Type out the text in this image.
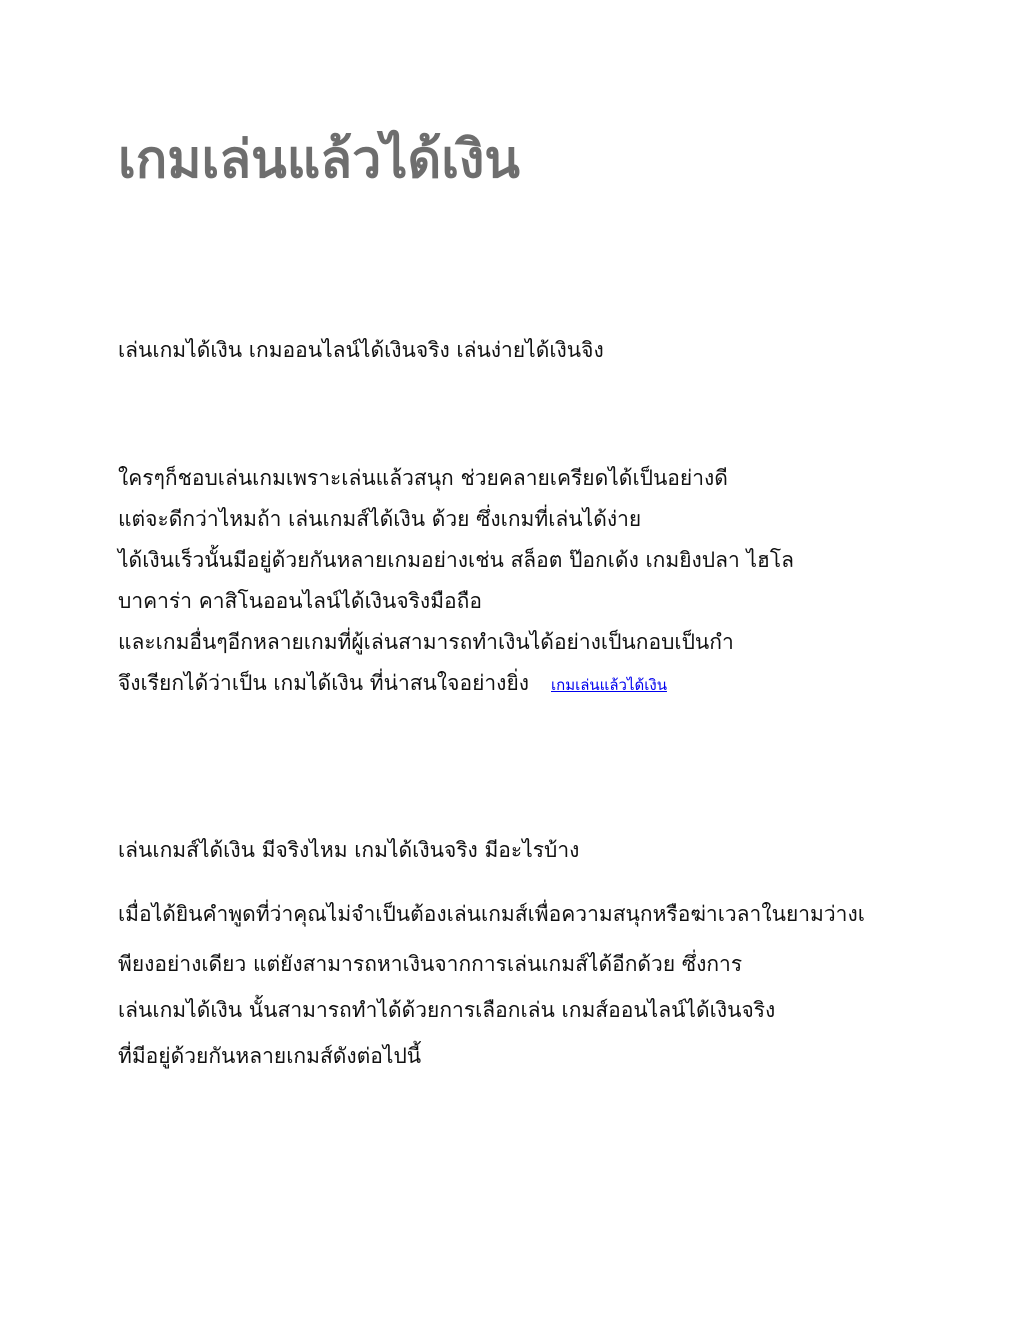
เกมเล่นแล้วได้เงิน

เล่นเกมได้เงิน เกมออนไลน์ได้เงินจริง เล่นง่ายได้เงินจิง

ใครๆก็ชอบเล่นเกมเพราะเล่นแล้วสนุก ช่วยคลายเครียดได้เป็นอย่างดี
แต่จะดีกว่าไหมถ้า เล่นเกมส์ได้เงิน ด้วย ซึ่งเกมที่เล่นได้ง่าย
ได้เงินเร็วนั้นมีอยู่ด้วยกันหลายเกมอย่างเช่น สล็อต ป๊อกเด้ง เกมยิงปลา ไฮโล
บาคาร่า คาสิโนออนไลน์ได้เงินจริงมือถือ
และเกมอื่นๆอีกหลายเกมที่ผู้เล่นสามารถทำเงินได้อย่างเป็นกอบเป็นกำ
จึงเรียกได้ว่าเป็น เกมได้เงิน ที่น่าสนใจอย่างยิ่ง เกมเล่นแล้วได้เงิน

เล่นเกมส์ได้เงิน มีจริงไหม เกมได้เงินจริง มีอะไรบ้าง

เมื่อได้ยินคำพูดที่ว่าคุณไม่จำเป็นต้องเล่นเกมส์เพื่อความสนุกหรือฆ่าเวลาในยามว่างเ
พียงอย่างเดียว แต่ยังสามารถหาเงินจากการเล่นเกมส์ได้อีกด้วย ซึ่งการ
เล่นเกมได้เงิน นั้นสามารถทำได้ด้วยการเลือกเล่น เกมส์ออนไลน์ได้เงินจริง
ที่มีอยู่ด้วยกันหลายเกมส์ดังต่อไปนี้
